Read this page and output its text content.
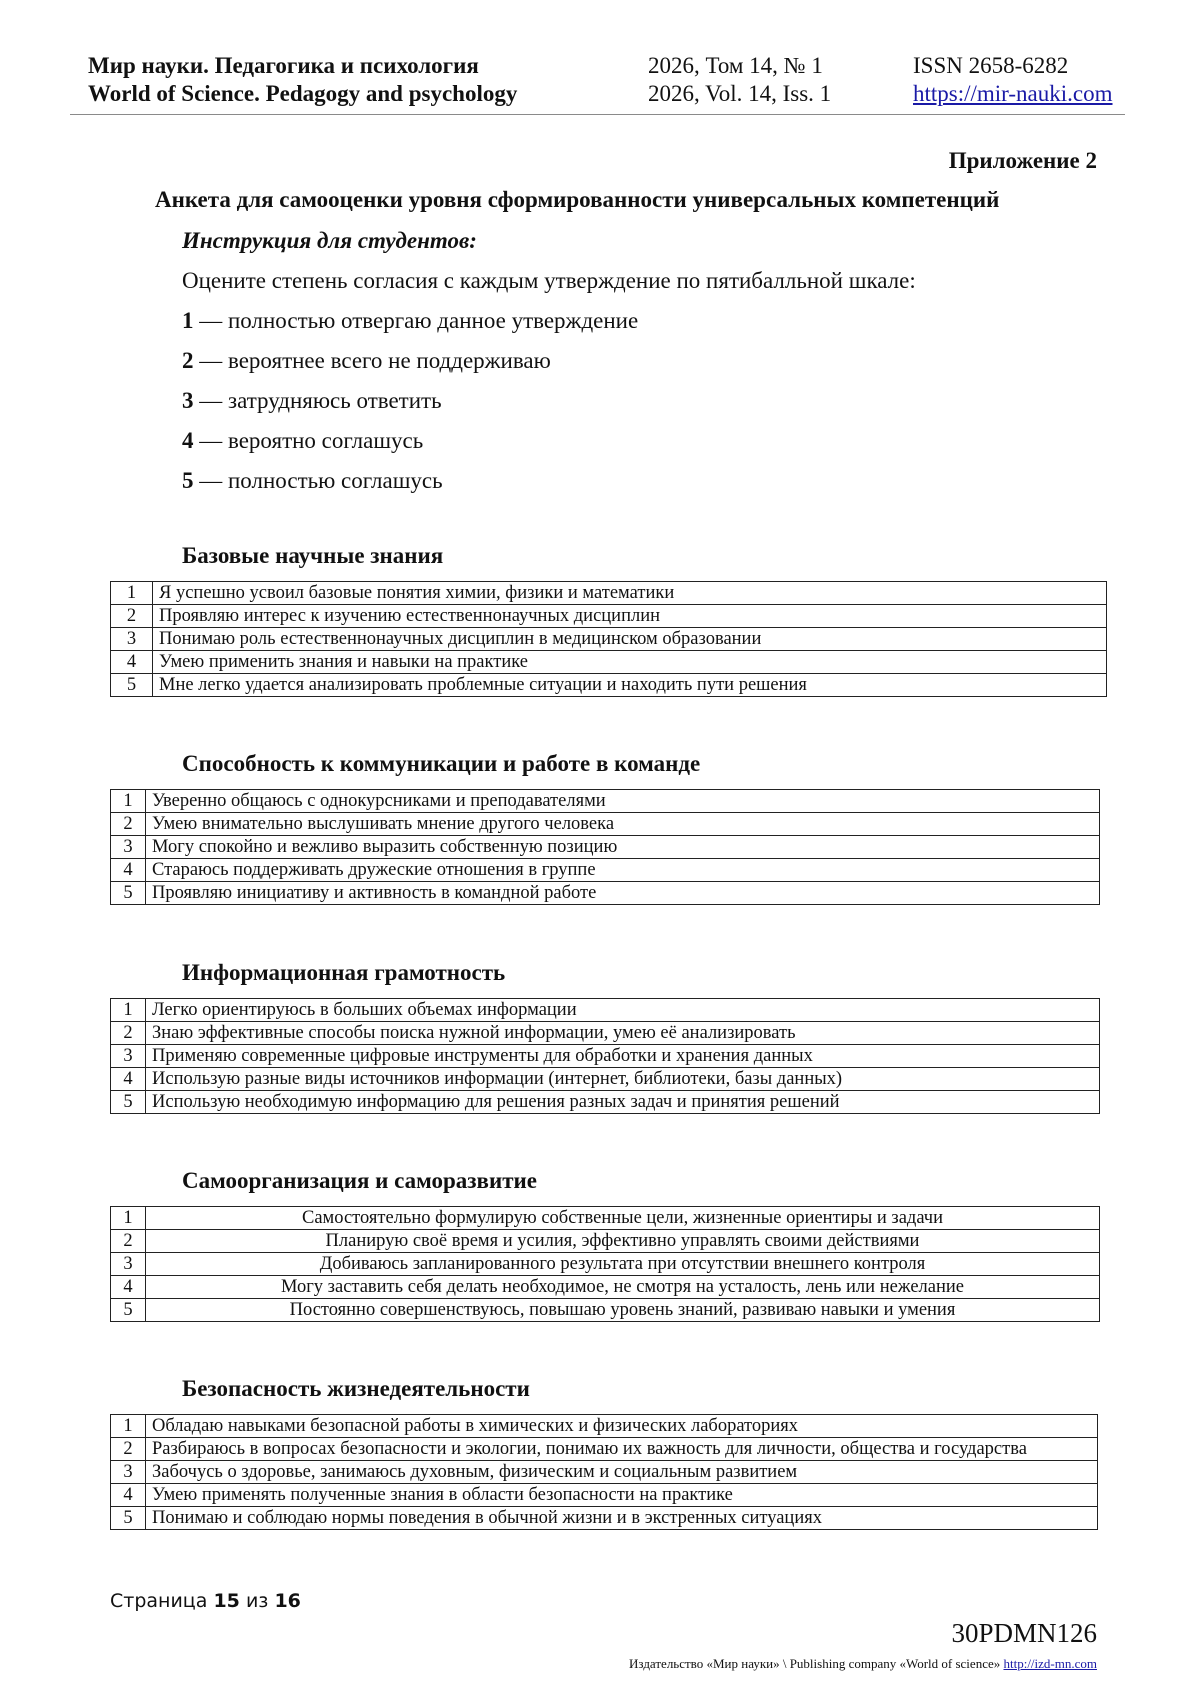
Мир науки. Педагогика и психология
World of Science. Pedagogy and psychology
2026, Том 14, № 1
2026, Vol. 14, Iss. 1
ISSN 2658-6282
https://mir-nauki.com
Приложение 2
Анкета для самооценки уровня сформированности универсальных компетенций
Инструкция для студентов:
Оцените степень согласия с каждым утверждение по пятибалльной шкале:
1 — полностью отвергаю данное утверждение
2 — вероятнее всего не поддерживаю
3 — затрудняюсь ответить
4 — вероятно соглашусь
5 — полностью соглашусь
Базовые научные знания
1	Я успешно усвоил базовые понятия химии, физики и математики
2	Проявляю интерес к изучению естественнонаучных дисциплин
3	Понимаю роль естественнонаучных дисциплин в медицинском образовании
4	Умею применить знания и навыки на практике
5	Мне легко удается анализировать проблемные ситуации и находить пути решения
Способность к коммуникации и работе в команде
1	Уверенно общаюсь с однокурсниками и преподавателями
2	Умею внимательно выслушивать мнение другого человека
3	Могу спокойно и вежливо выразить собственную позицию
4	Стараюсь поддерживать дружеские отношения в группе
5	Проявляю инициативу и активность в командной работе
Информационная грамотность
1	Легко ориентируюсь в больших объемах информации
2	Знаю эффективные способы поиска нужной информации, умею её анализировать
3	Применяю современные цифровые инструменты для обработки и хранения данных
4	Использую разные виды источников информации (интернет, библиотеки, базы данных)
5	Использую необходимую информацию для решения разных задач и принятия решений
Самоорганизация и саморазвитие
1	Самостоятельно формулирую собственные цели, жизненные ориентиры и задачи
2	Планирую своё время и усилия, эффективно управлять своими действиями
3	Добиваюсь запланированного результата при отсутствии внешнего контроля
4	Могу заставить себя делать необходимое, не смотря на усталость, лень или нежелание
5	Постоянно совершенствуюсь, повышаю уровень знаний, развиваю навыки и умения
Безопасность жизнедеятельности
1	Обладаю навыками безопасной работы в химических и физических лабораториях
2	Разбираюсь в вопросах безопасности и экологии, понимаю их важность для личности, общества и государства
3	Забочусь о здоровье, занимаюсь духовным, физическим и социальным развитием
4	Умею применять полученные знания в области безопасности на практике
5	Понимаю и соблюдаю нормы поведения в обычной жизни и в экстренных ситуациях
Страница 15 из 16
30PDMN126
Издательство «Мир науки» \ Publishing company «World of science» http://izd-mn.com
